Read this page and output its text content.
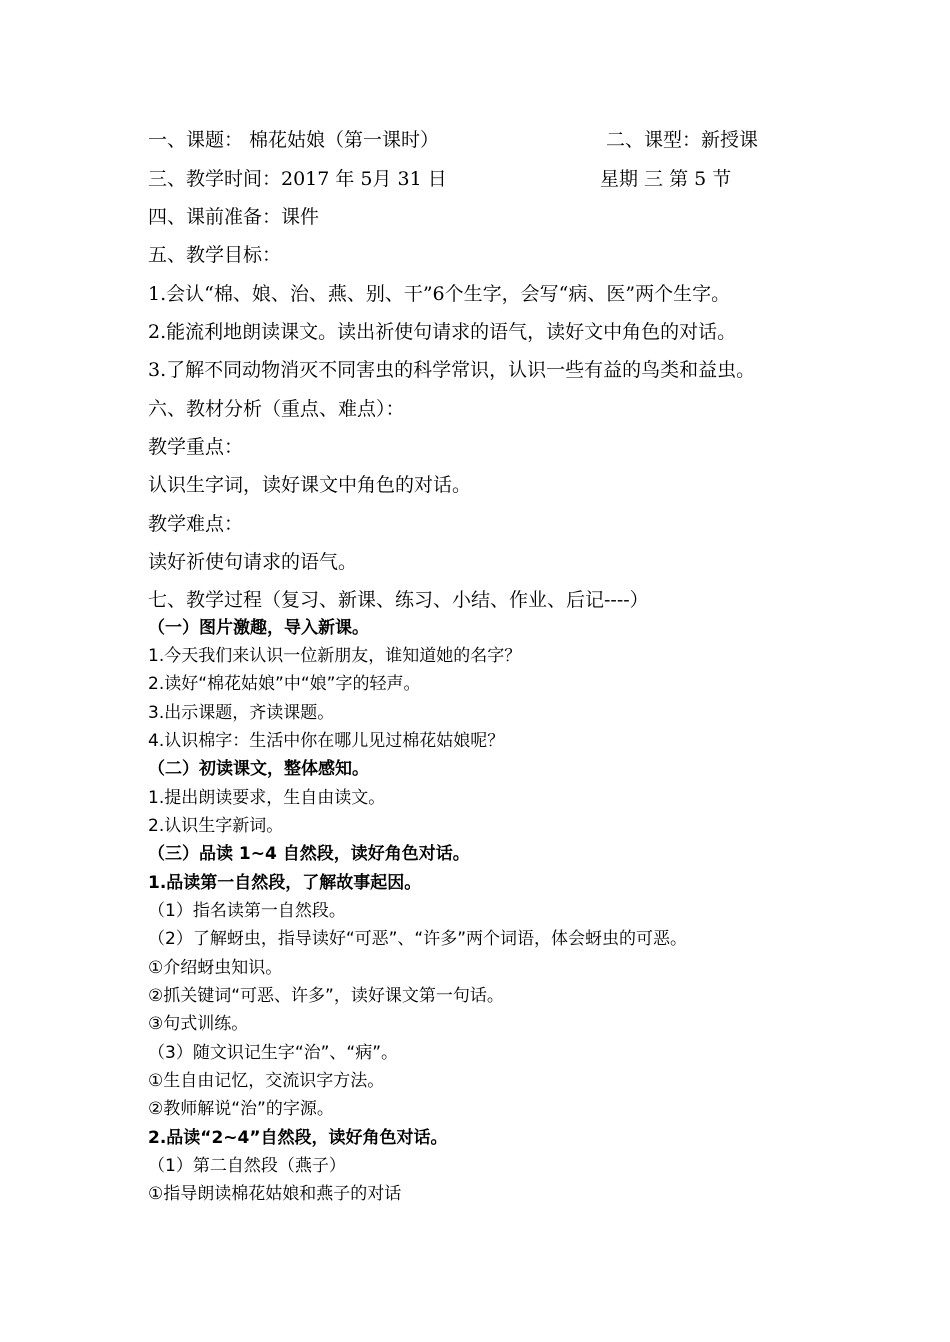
一、课题： 棉花姑娘（第一课时）	二、课型：新授课
三、教学时间：2017 年 5月 31 日	星期 三 第 5 节
四、课前准备：课件
五、教学目标：
1.会认“棉、娘、治、燕、别、干”6个生字，会写“病、医”两个生字。
2.能流利地朗读课文。读出祈使句请求的语气，读好文中角色的对话。
3.了解不同动物消灭不同害虫的科学常识，认识一些有益的鸟类和益虫。
六、教材分析（重点、难点）：
教学重点：
认识生字词，读好课文中角色的对话。
教学难点：
读好祈使句请求的语气。
七、教学过程（复习、新课、练习、小结、作业、后记----）
（一）图片激趣，导入新课。
1.今天我们来认识一位新朋友，谁知道她的名字？
2.读好“棉花姑娘”中“娘”字的轻声。
3.出示课题，齐读课题。
4.认识棉字：生活中你在哪儿见过棉花姑娘呢？
（二）初读课文，整体感知。
1.提出朗读要求，生自由读文。
2.认识生字新词。
（三）品读 1~4 自然段，读好角色对话。
1.品读第一自然段，了解故事起因。
（1）指名读第一自然段。
（2）了解蚜虫，指导读好“可恶”、“许多”两个词语，体会蚜虫的可恶。
①介绍蚜虫知识。
②抓关键词“可恶、许多”，读好课文第一句话。
③句式训练。
（3）随文识记生字“治”、“病”。
①生自由记忆，交流识字方法。
②教师解说“治”的字源。
2.品读“2~4”自然段，读好角色对话。
（1）第二自然段（燕子）
①指导朗读棉花姑娘和燕子的对话
